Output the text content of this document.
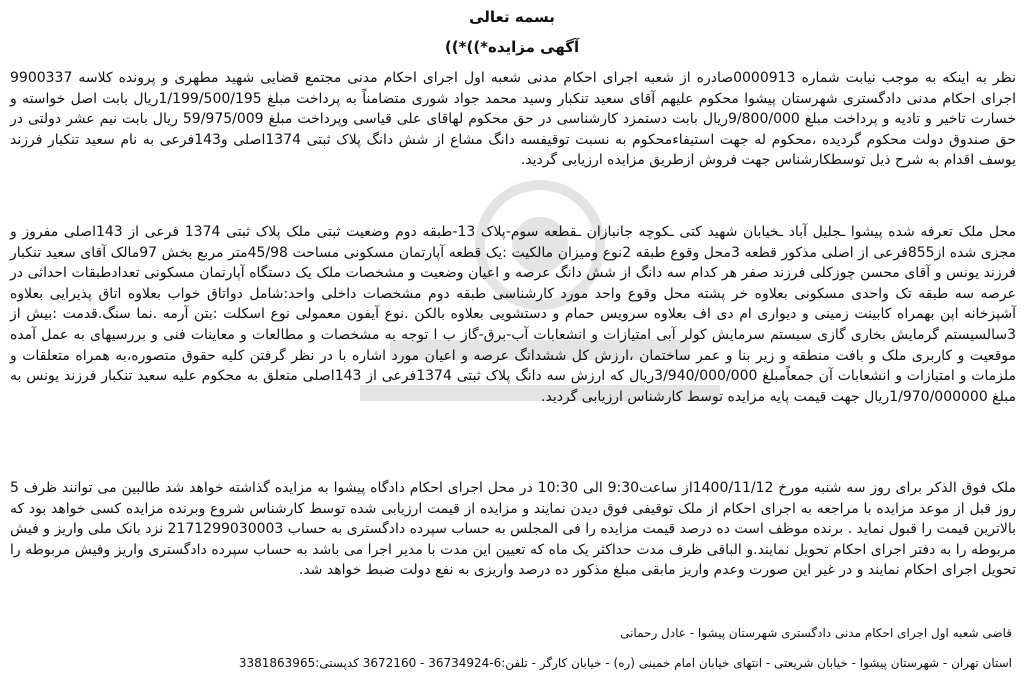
بسمه تعالی
آگهی مزایده*))*))
نظر به اینکه به موجب نیابت شماره 0000913صادره از شعبه اجرای احکام مدنی شعبه اول اجرای احکام مدنی مجتمع قضایی شهید مطهری و پرونده کلاسه 9900337 اجرای احکام مدنی دادگستری شهرستان پیشوا محکوم علیهم آقای سعید تنکبار وسید محمد جواد شوری متضامناً به پرداخت مبلغ 1/199/500/195ریال بابت اصل خواسته و خسارت تاخیر و تادیه و پرداخت مبلغ 9/800/000ریال بابت دستمزد کارشناسی در حق محکوم لهاقای علی قیاسی وپرداخت مبلغ 59/975/009 ریال بابت نیم عشر دولتی در حق صندوق دولت محکوم گردیده ،محکوم له جهت استیفاءمحکوم به نسبت توقیفسه دانگ مشاع از شش دانگ پلاک ثبتی 1374اصلی و143فرعی به نام سعید تنکبار فرزند یوسف اقدام به شرح ذیل توسطکارشناس جهت فروش ازطریق مزایده ارزیابی گردید.
محل ملک تعرفه شده پیشوا ـجلیل آباد ـخیابان شهید کتی ـکوچه جانبازان ـقطعه سوم-پلاک 13-طبقه دوم وضعیت ثبتی ملک پلاک ثبتی 1374 فرعی از 143اصلی مفروز و مجزی شده از855فرعی از اصلی مذکور قطعه 3محل وقوع طبقه 2نوع ومیزان مالکیت :یک قطعه آپارتمان مسکونی مساحت 45/98متر مربع بخش 97مالک آقای سعید تنکبار فرزند یونس و آقای محسن چوزکلی فرزند صفر هر کدام سه دانگ از شش دانگ عرصه و اعیان وضعیت و مشخصات ملک یک دستگاه آپارتمان مسکونی تعدادطبقات احداثی در عرصه سه طبقه تک واحدی مسکونی بعلاوه خر پشته محل وقوع واحد مورد کارشناسی طبقه دوم مشخصات داخلی واحد:شامل دواتاق خواب بعلاوه اتاق پذیرایی بعلاوه آشپزخانه اپن بهمراه کابینت زمینی و دیواری ام دی اف بعلاوه سرویس حمام و دستشویی بعلاوه بالکن .نوع آیفون معمولی نوع اسکلت :بتن آرمه .نما سنگ.قدمت :بیش از 3سالسیستم گرمایش بخاری گازی سیستم سرمایش کولر آبی امتیازات و انشعابات آب-برق-گاز ب ا توجه به مشخصات و مطالعات و معاینات فنی و بررسیهای به عمل آمده موقعیت و کاربری ملک و بافت منطقه و زیر بنا و عمر ساختمان ،ارزش کل ششدانگ عرصه و اعیان مورد اشاره با در نظر گرفتن کلیه حقوق متصوره،به همراه متعلقات و ملزمات و امتیازات و انشعابات آن جمعاًمبلغ 3/940/000/000ریال که ارزش سه دانگ پلاک ثبتی 1374فرعی از 143اصلی متعلق به محکوم علیه سعید تنکبار فرزند یونس به مبلغ 1/970/000000ریال جهت قیمت پایه مزایده توسط کارشناس ارزیابی گردید.
ملک فوق الذکر برای روز سه شنبه مورخ 1400/11/12از ساعت9:30 الی 10:30 در محل اجرای احکام دادگاه پیشوا به مزایده گذاشته خواهد شد طالبین می توانند ظرف 5 روز قبل از موعد مزایده با مراجعه به اجرای احکام از ملک توقیفی فوق دیدن نمایند و مزایده از قیمت ارزیابی شده توسط کارشناس شروع وبرنده مزایده کسی خواهد بود که بالاترین قیمت را قبول نماید . برنده موظف است ده درصد قیمت مزایده را فی المجلس به حساب سپرده دادگستری به حساب 2171299030003 نزد بانک ملی واریز و فیش مربوطه را به دفتر اجرای احکام تحویل نمایند.و الباقی ظرف مدت حداکثر یک ماه که تعیین این مدت با مدیر اجرا می باشد به حساب سپرده دادگستری واریز وفیش مربوطه را تحویل اجرای احکام نمایند و در غیر این صورت وعدم واریز مابقی مبلغ مذکور ده درصد واریزی به نفع دولت ضبط خواهد شد.
قاضی شعبه اول اجرای احکام مدنی دادگستری شهرستان پیشوا - عادل رحمانی
استان تهران - شهرستان پیشوا - خیابان شریعتی - انتهای خیابان امام خمینی (ره) - خیابان کارگر - تلفن:6-36734924 - 3672160 کدپستی:3381863965
